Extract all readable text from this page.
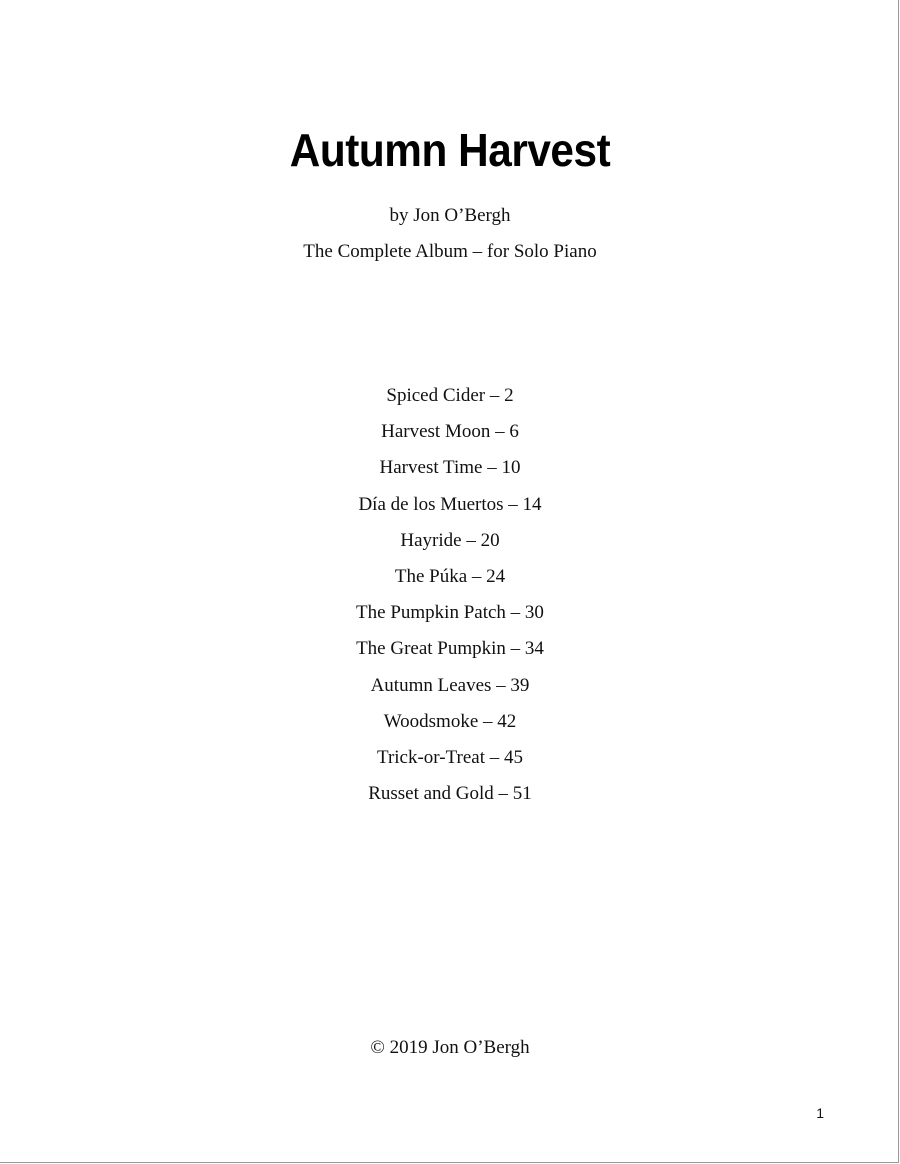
Autumn Harvest
by Jon O’Bergh
The Complete Album – for Solo Piano
Spiced Cider – 2
Harvest Moon – 6
Harvest Time – 10
Día de los Muertos – 14
Hayride – 20
The Púka – 24
The Pumpkin Patch – 30
The Great Pumpkin – 34
Autumn Leaves – 39
Woodsmoke – 42
Trick-or-Treat – 45
Russet and Gold – 51
© 2019 Jon O’Bergh
1
